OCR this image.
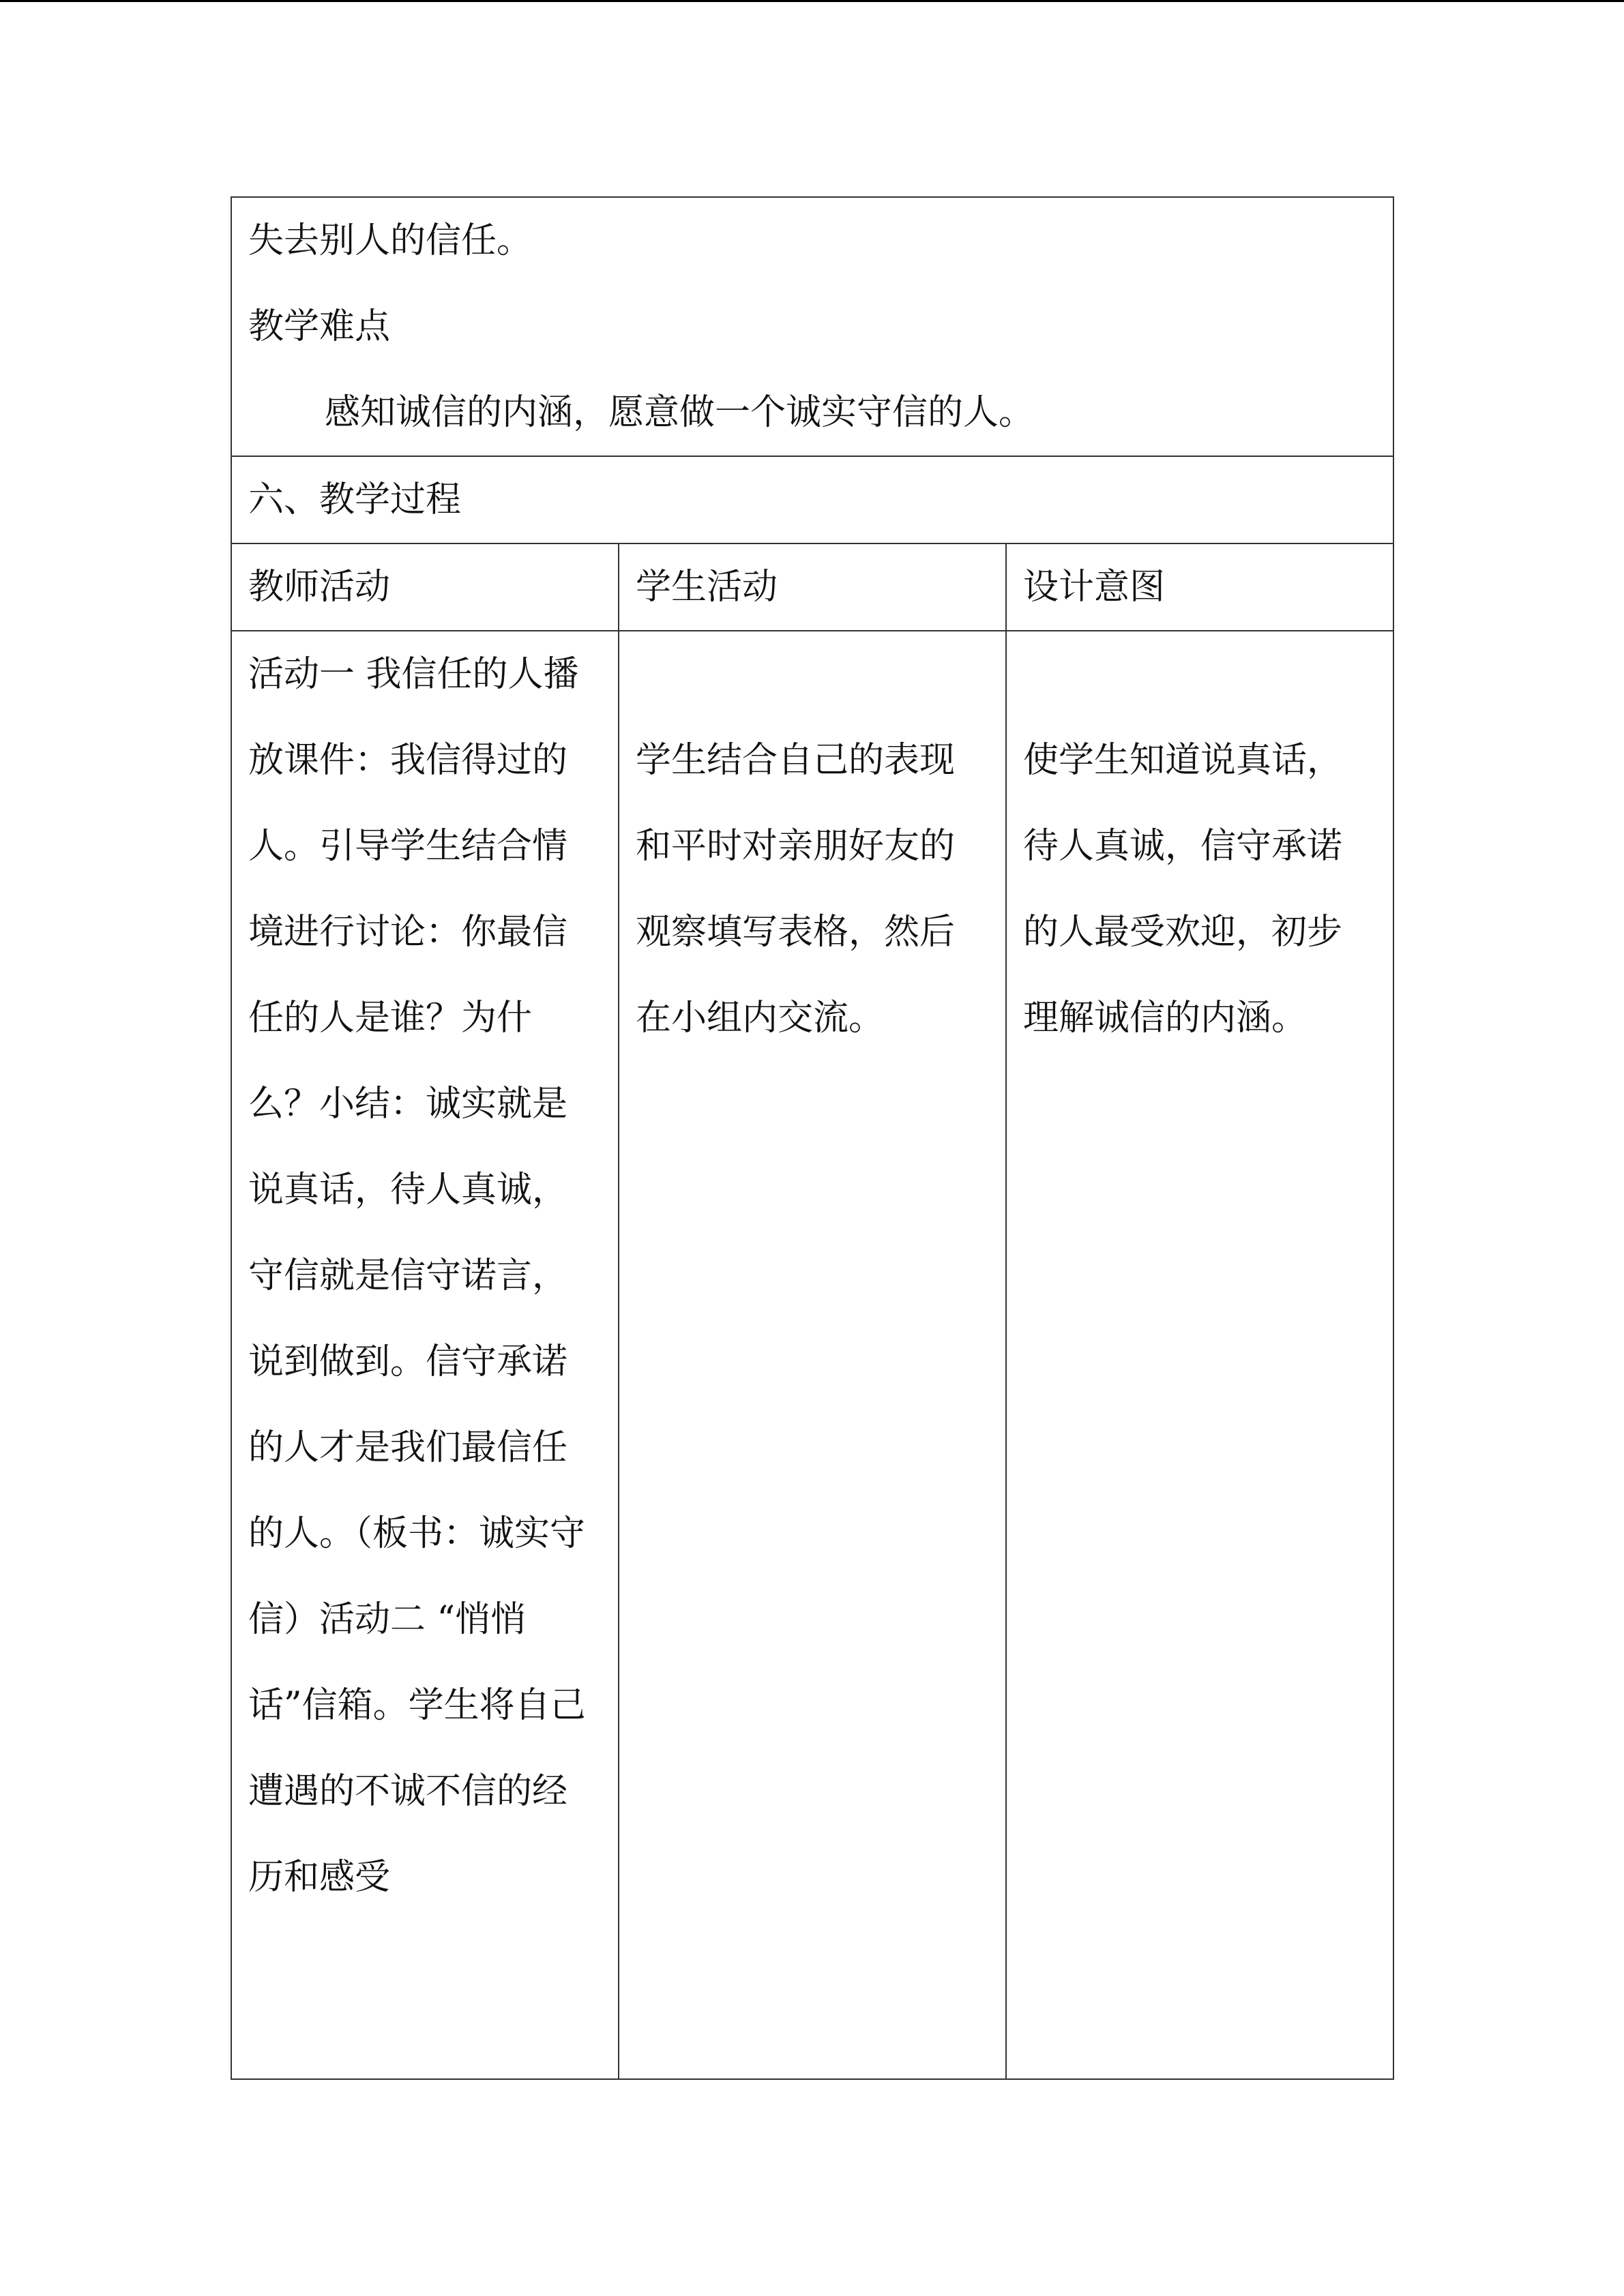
失去别人的信任。
教学难点
感知诚信的内涵，愿意做一个诚实守信的人。		

六、教学过程		
教师活动	学生活动	设计意图

活动一 我信任的人播放课件：我信得过的人。引导学生结合情境进行讨论：你最信任的人是谁？为什么？小结：诚实就是说真话，待人真诚，守信就是信守诺言，说到做到。信守承诺的人才是我们最信任的人。（板书：诚实守信）活动二 “悄悄话”信箱。学生将自己遭遇的不诚不信的经历和感受	学生结合自己的表现和平时对亲朋好友的观察填写表格，然后在小组内交流。	使学生知道说真话，待人真诚，信守承诺的人最受欢迎，初步理解诚信的内涵。
